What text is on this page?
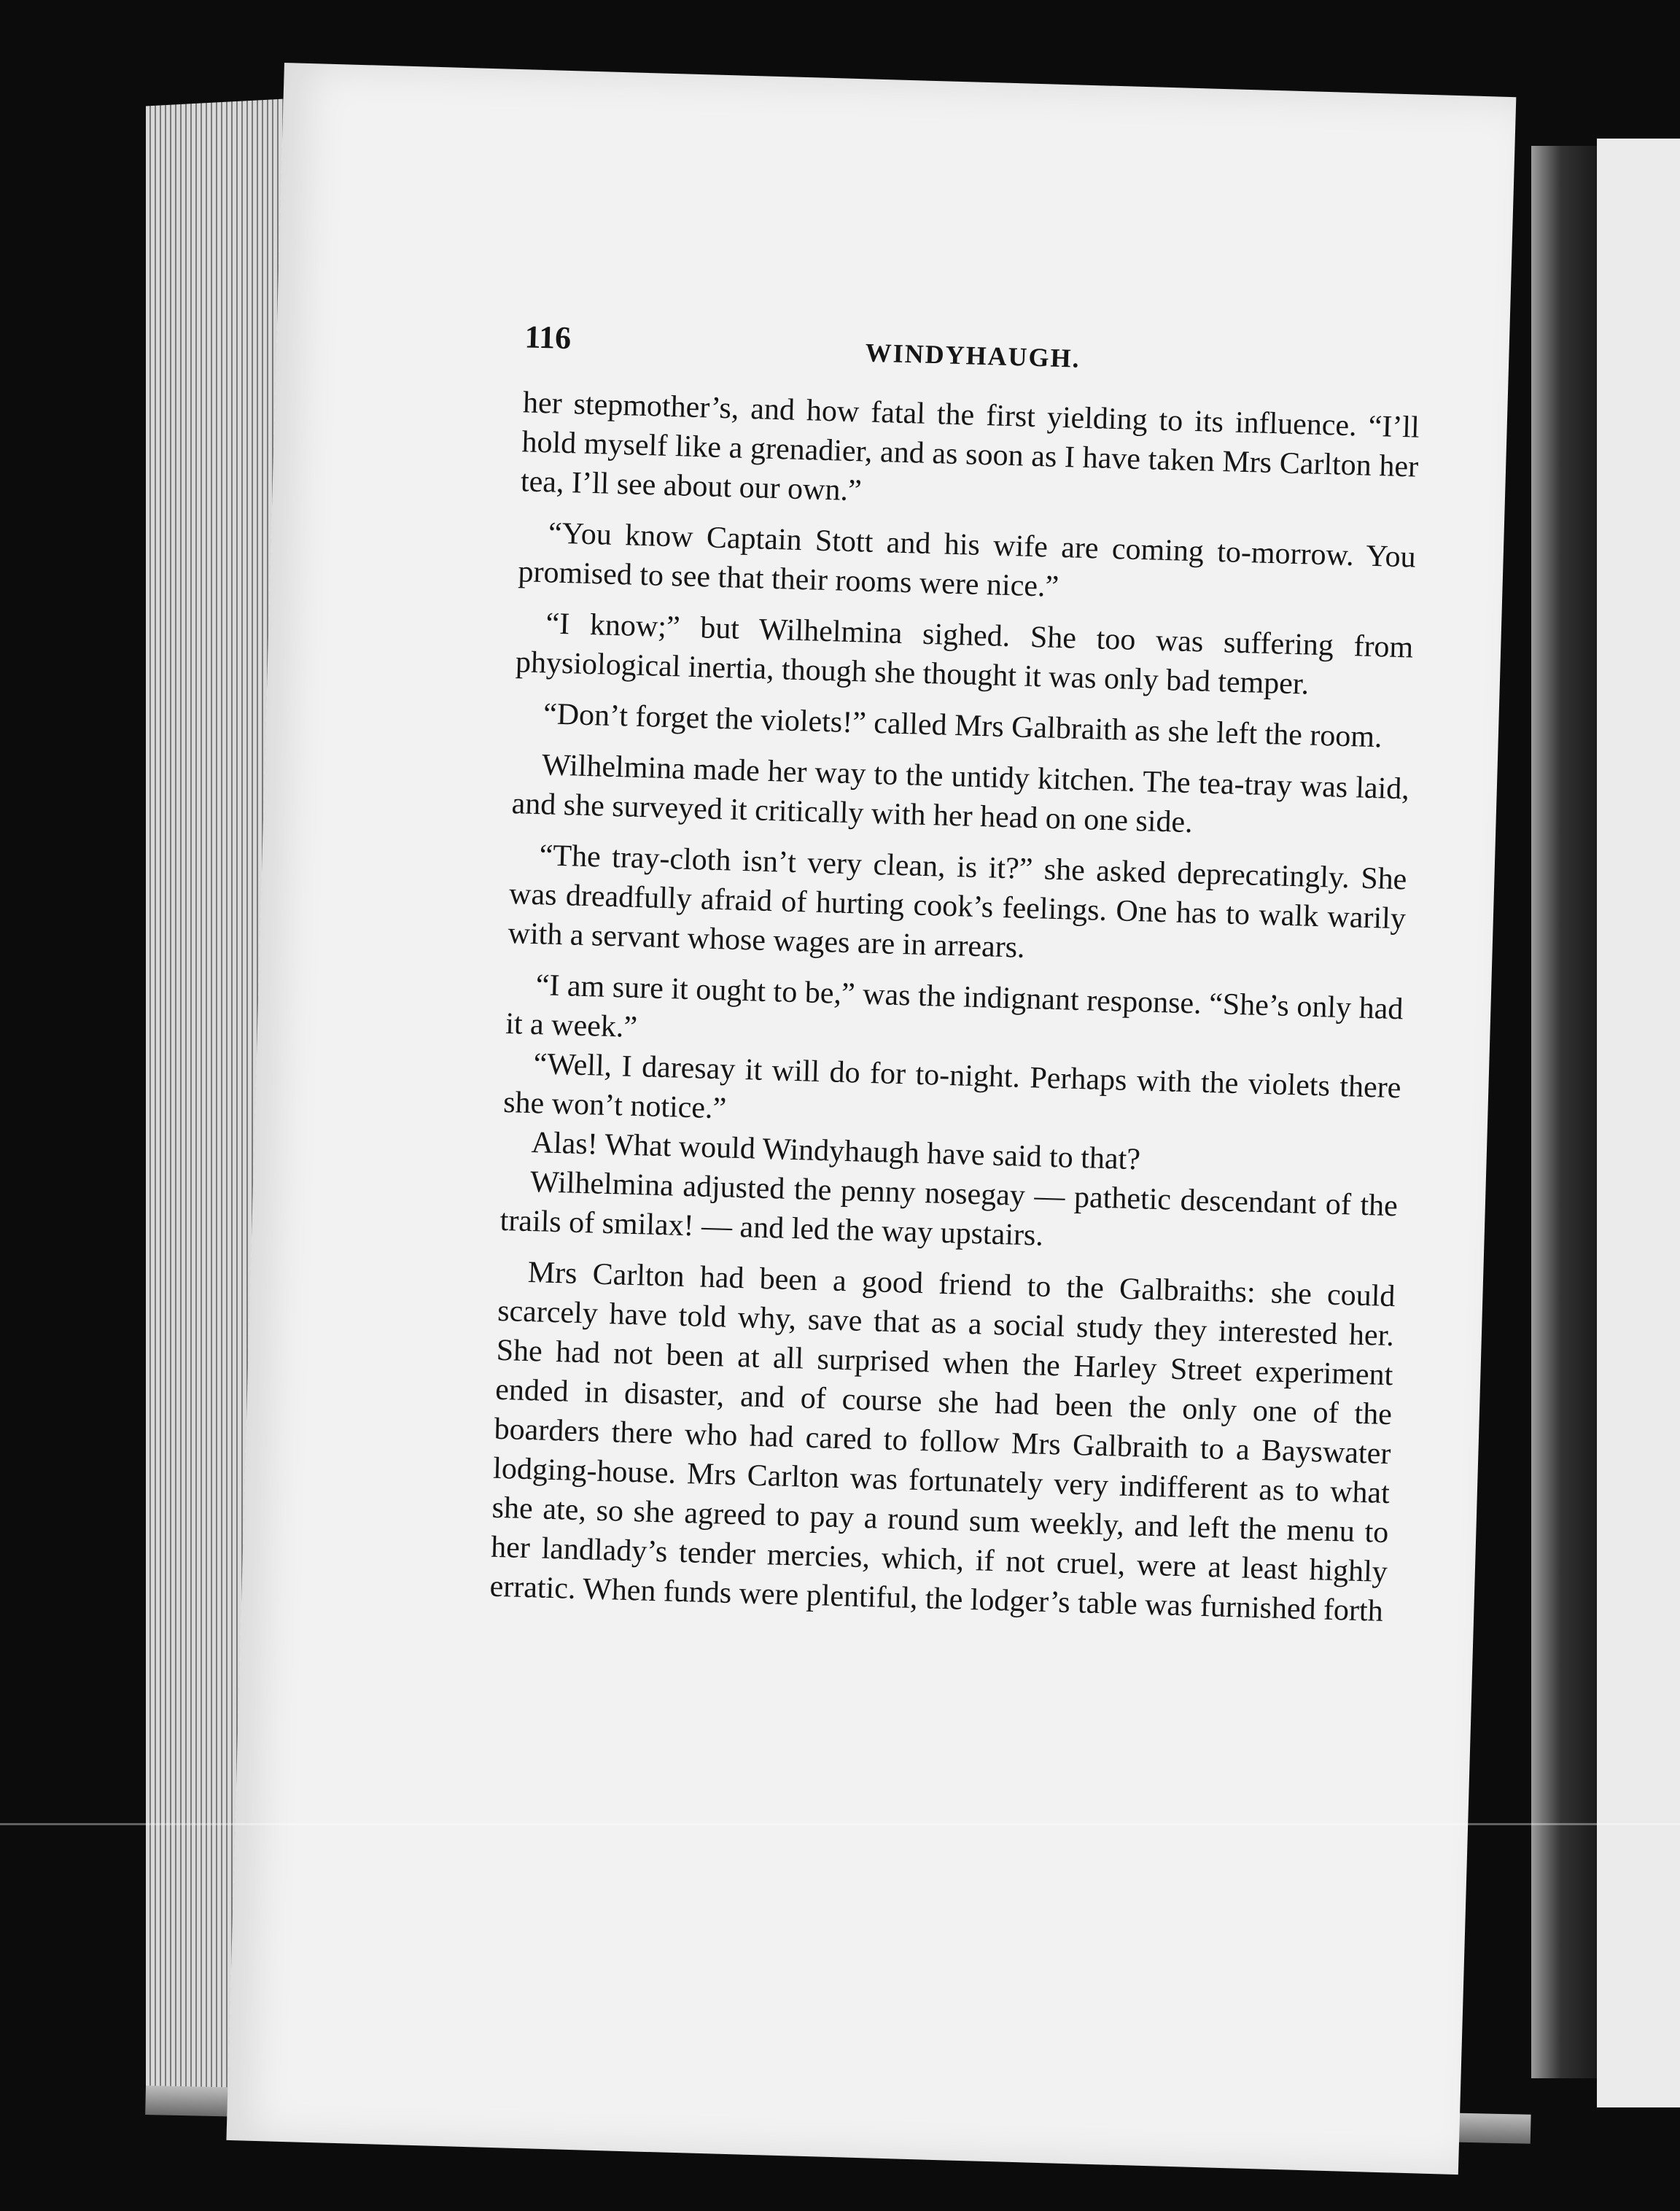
116	WINDYHAUGH.

her stepmother’s, and how fatal the first yielding to its influence. “I’ll hold myself like a grenadier, and as soon as I have taken Mrs Carlton her tea, I’ll see about our own.”

“You know Captain Stott and his wife are coming to-morrow. You promised to see that their rooms were nice.”

“I know;” but Wilhelmina sighed. She too was suffering from physiological inertia, though she thought it was only bad temper.

“Don’t forget the violets!” called Mrs Galbraith as she left the room.

Wilhelmina made her way to the untidy kitchen. The tea-tray was laid, and she surveyed it critically with her head on one side.

“The tray-cloth isn’t very clean, is it?” she asked deprecatingly. She was dreadfully afraid of hurting cook’s feelings. One has to walk warily with a servant whose wages are in arrears.

“I am sure it ought to be,” was the indignant response. “She’s only had it a week.”

“Well, I daresay it will do for to-night. Perhaps with the violets there she won’t notice.”

Alas! What would Windyhaugh have said to that?

Wilhelmina adjusted the penny nosegay — pathetic descendant of the trails of smilax! — and led the way upstairs.

Mrs Carlton had been a good friend to the Galbraiths: she could scarcely have told why, save that as a social study they interested her. She had not been at all surprised when the Harley Street experiment ended in disaster, and of course she had been the only one of the boarders there who had cared to follow Mrs Galbraith to a Bayswater lodging-house. Mrs Carlton was fortunately very indifferent as to what she ate, so she agreed to pay a round sum weekly, and left the menu to her landlady’s tender mercies, which, if not cruel, were at least highly erratic. When funds were plentiful, the lodger’s table was furnished forth
